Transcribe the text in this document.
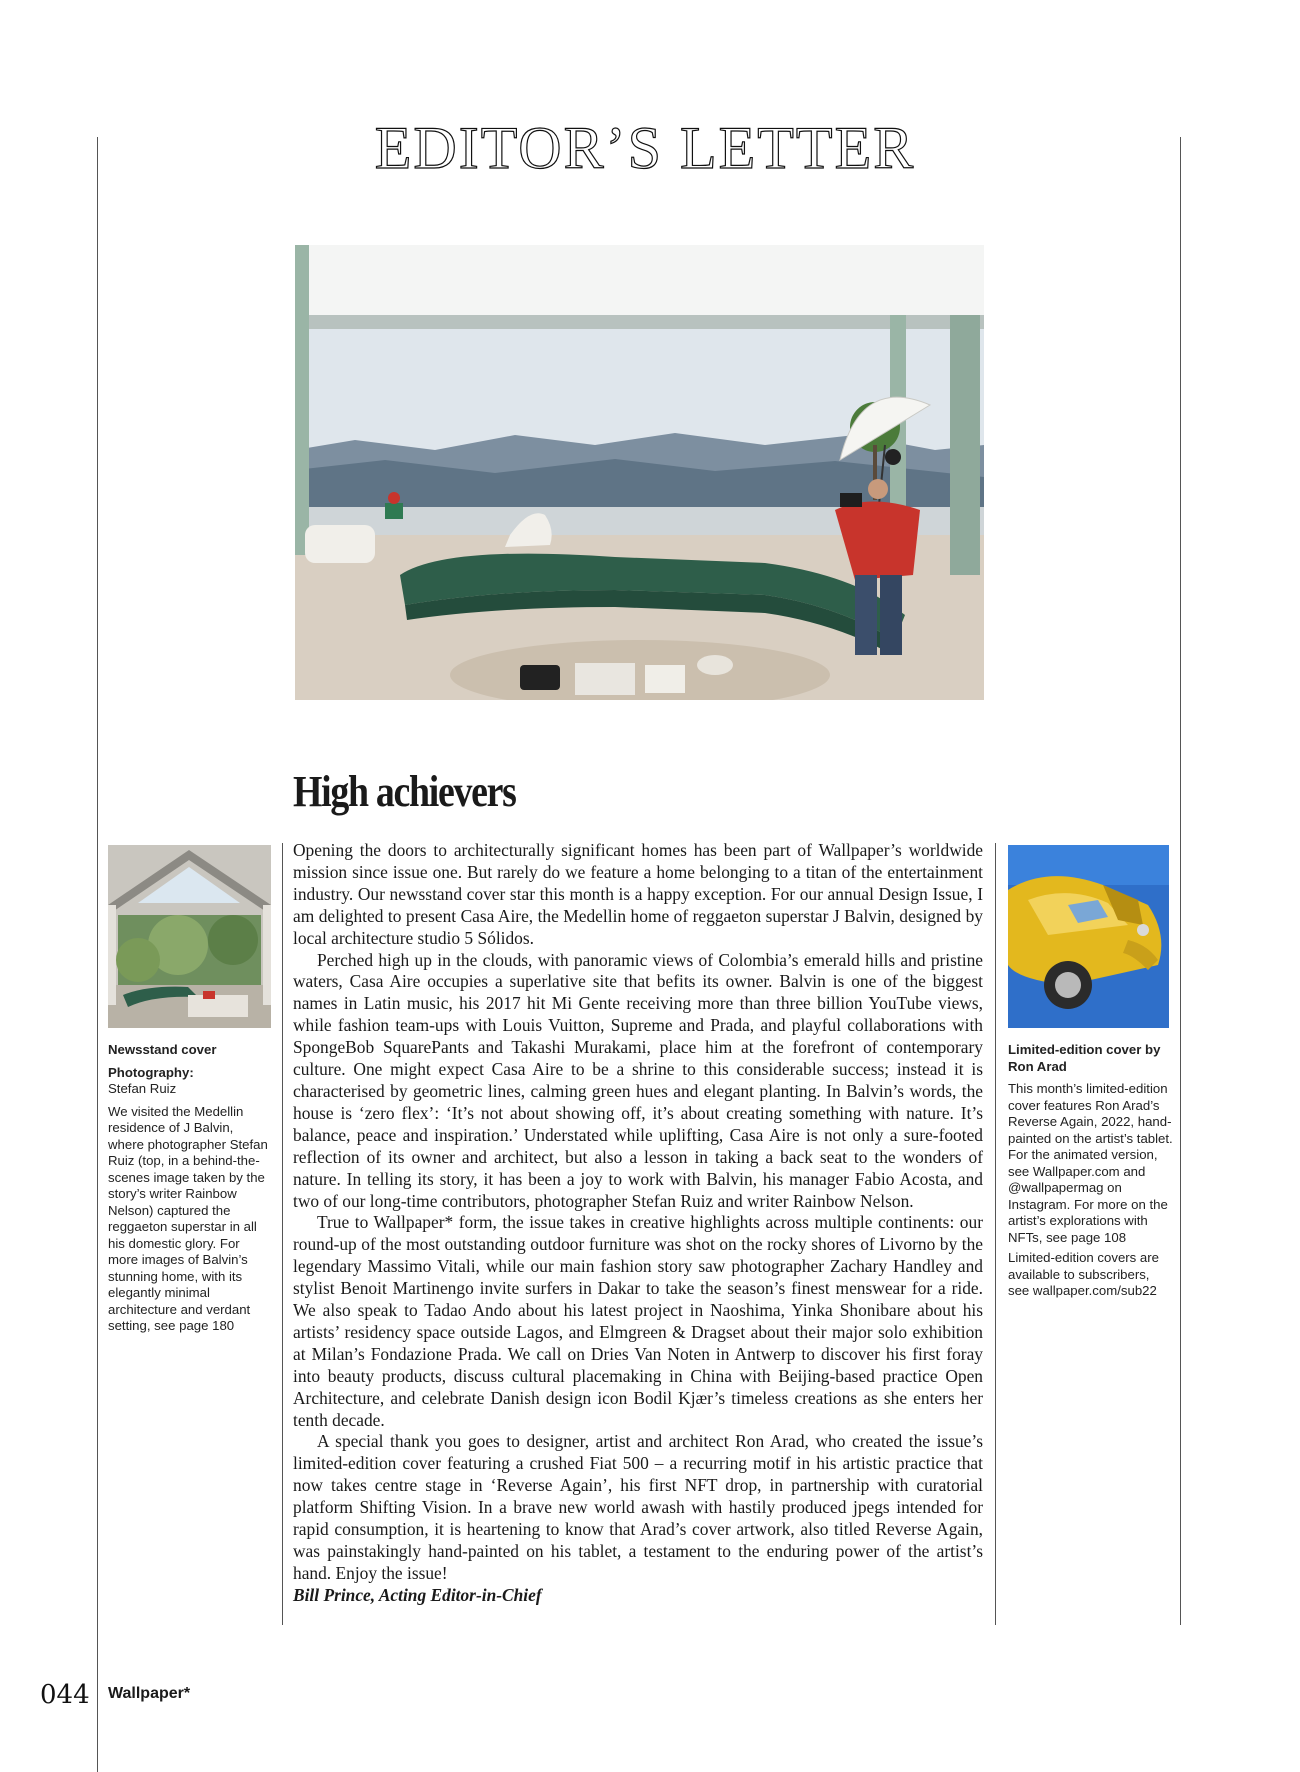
EDITOR’S LETTER
High achievers

Newsstand cover

Photography:

Stefan Ruiz

We visited the Medellin residence of J Balvin, where photographer Stefan Ruiz (top, in a behind-the-scenes image taken by the story’s writer Rainbow Nelson) captured the reggaeton superstar in all his domestic glory. For more images of Balvin’s stunning home, with its elegantly minimal architecture and verdant setting, see page 180

Opening the doors to architecturally significant homes has been part of Wallpaper’s worldwide mission since issue one. But rarely do we feature a home belonging to a titan of the entertainment industry. Our newsstand cover star this month is a happy exception. For our annual Design Issue, I am delighted to present Casa Aire, the Medellin home of reggaeton superstar J Balvin, designed by local architecture studio 5 Sólidos.

Perched high up in the clouds, with panoramic views of Colombia’s emerald hills and pristine waters, Casa Aire occupies a superlative site that befits its owner. Balvin is one of the biggest names in Latin music, his 2017 hit Mi Gente receiving more than three billion YouTube views, while fashion team-ups with Louis Vuitton, Supreme and Prada, and playful collaborations with SpongeBob SquarePants and Takashi Murakami, place him at the forefront of contemporary culture. One might expect Casa Aire to be a shrine to this considerable success; instead it is characterised by geometric lines, calming green hues and elegant planting. In Balvin’s words, the house is ‘zero flex’: ‘It’s not about showing off, it’s about creating something with nature. It’s balance, peace and inspiration.’ Understated while uplifting, Casa Aire is not only a sure-footed reflection of its owner and architect, but also a lesson in taking a back seat to the wonders of nature. In telling its story, it has been a joy to work with Balvin, his manager Fabio Acosta, and two of our long-time contributors, photographer Stefan Ruiz and writer Rainbow Nelson.

True to Wallpaper* form, the issue takes in creative highlights across multiple continents: our round-up of the most outstanding outdoor furniture was shot on the rocky shores of Livorno by the legendary Massimo Vitali, while our main fashion story saw photographer Zachary Handley and stylist Benoit Martinengo invite surfers in Dakar to take the season’s finest menswear for a ride. We also speak to Tadao Ando about his latest project in Naoshima, Yinka Shonibare about his artists’ residency space outside Lagos, and Elmgreen & Dragset about their major solo exhibition at Milan’s Fondazione Prada. We call on Dries Van Noten in Antwerp to discover his first foray into beauty products, discuss cultural placemaking in China with Beijing-based practice Open Architecture, and celebrate Danish design icon Bodil Kjær’s timeless creations as she enters her tenth decade.

A special thank you goes to designer, artist and architect Ron Arad, who created the issue’s limited-edition cover featuring a crushed Fiat 500 – a recurring motif in his artistic practice that now takes centre stage in ‘Reverse Again’, his first NFT drop, in partnership with curatorial platform Shifting Vision. In a brave new world awash with hastily produced jpegs intended for rapid consumption, it is heartening to know that Arad’s cover artwork, also titled Reverse Again, was painstakingly hand-painted on his tablet, a testament to the enduring power of the artist’s hand. Enjoy the issue!

Bill Prince, Acting Editor-in-Chief

Limited-edition cover by Ron Arad

This month’s limited-edition cover features Ron Arad’s Reverse Again, 2022, hand-painted on the artist’s tablet. For the animated version, see Wallpaper.com and @wallpapermag on Instagram. For more on the artist’s explorations with NFTs, see page 108

Limited-edition covers are available to subscribers, see wallpaper.com/sub22

044 Wallpaper*
